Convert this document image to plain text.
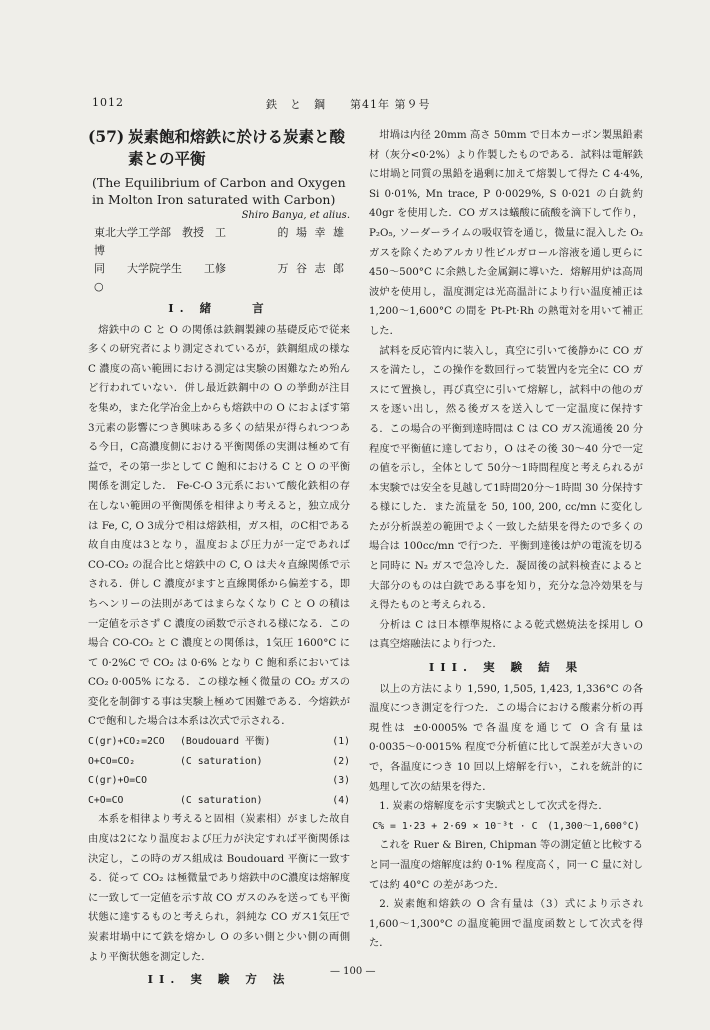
1012	鉄　と　鋼　　第41年 第９号
(57) 炭素飽和熔鉄に於ける炭素と酸素との平衡

(The Equilibrium of Carbon and Oxygen

in Molton Iron saturated with Carbon)

Shiro Banya, et alius.
東北大学工学部　教授　工博
的 場 幸 雄
同　　大学院学生　　工修○
万 谷 志 郎
I. 緒　　言

熔鉄中の C と O の関係は鉄鋼製錬の基礎反応で従来多くの研究者により測定されているが，鉄鋼組成の様な C 濃度の高い範囲における測定は実験の困難なため殆んど行われていない．併し最近鉄鋼中の O の挙動が注目を集め，また化学冶金上からも熔鉄中の O におよぼす第3元素の影響につき興味ある多くの結果が得られつつある今日，C高濃度側における平衡関係の実測は極めて有益で，その第一歩として C 飽和における C と O の平衡関係を測定した． Fe-C-O 3元系において酸化鉄相の存在しない範囲の平衡関係を相律より考えると，独立成分は Fe, C, O 3成分で相は熔鉄相，ガス相，のC相である故自由度は3となり，温度および圧力が一定であれば CO-CO₂ の混合比と熔鉄中の C, O は夫々直線関係で示される．併し C 濃度がますと直線関係から偏差する，即ちヘンリーの法則があてはまらなくなり C と O の積は一定値を示さず C 濃度の函数で示される様になる．この場合 CO-CO₂ と C 濃度との関係は，1気圧 1600°C にて 0·2%C で CO₂ は 0·6% となり C 飽和系においては CO₂ 0·005% になる．この様な極く微量の CO₂ ガスの変化を制御する事は実験上極めて困難である．今熔鉄がCで飽和した場合は本系は次式で示される．

C(gr)+CO₂=2CO	(Boudouard 平衡)	(1)
O+CO=CO₂	(C saturation)	(2)
C(gr)+O=CO	(3)
C+O=CO	(C saturation)	(4)

本系を相律より考えると固相（炭素相）がました故自由度は2になり温度および圧力が決定すれば平衡関係は決定し，この時のガス組成は Boudouard 平衡に一致する．従って CO₂ は極微量であり熔鉄中のC濃度は熔解度に一致して一定値を示す故 CO ガスのみを送っても平衡状態に達するものと考えられ，斜純な CO ガス1気圧で炭素坩堝中にて鉄を熔かし O の多い側と少い側の両側より平衡状態を測定した．

II. 実 験 方 法

坩堝は内径 20mm 高さ 50mm で日本カーボン製黒鉛素材（灰分<0·2%）より作製したものである．試料は電解鉄に坩堝と同質の黒鉛を過剰に加えて熔製して得た C 4·4%, Si 0·01%, Mn trace, P 0·0029%, S 0·021 の白銑約 40gr を使用した．CO ガスは蟻酸に硫酸を滴下して作り，P₂O₅, ソーダーライムの吸収管を通じ，微量に混入した O₂ ガスを除くためアルカリ性ピルガロール溶液を通し更らに 450〜500°C に余熱した金属銅に導いた．熔解用炉は高周波炉を使用し，温度測定は光高温計により行い温度補正は 1,200〜1,600°C の間を Pt-Pt·Rh の熱電対を用いて補正した．

試料を反応管内に装入し，真空に引いて後静かに CO ガスを満たし，この操作を数回行って装置内を完全に CO ガスにて置換し，再び真空に引いて熔解し，試料中の他のガスを逐い出し，然る後ガスを送入して一定温度に保持する．この場合の平衡到達時間は C は CO ガス流通後 20 分程度で平衡値に達しており，O はその後 30〜40 分で一定の値を示し，全体として 50分〜1時間程度と考えられるが本実験では安全を見越して1時間20分〜1時間 30 分保持する様にした．また流量を 50, 100, 200, cc/mn に変化したが分析誤差の範囲でよく一致した結果を得たので多くの場合は 100cc/mn で行つた．平衡到達後は炉の電流を切ると同時に N₂ ガスで急冷した．凝固後の試料検査によると大部分のものは白銑である事を知り，充分な急冷効果を与え得たものと考えられる．

分析は C は日本標準規格による乾式燃焼法を採用し O は真空熔融法により行つた．

III. 実 験 結 果

以上の方法により 1,590, 1,505, 1,423, 1,336°C の各温度につき測定を行つた．この場合における酸素分析の再現性は ±0·0005% で各温度を通じて O 含有量は 0·0035〜0·0015% 程度で分析値に比して誤差が大きいので，各温度につき 10 回以上熔解を行い，これを統計的に処理して次の結果を得た．

1. 炭素の熔解度を示す実験式として次式を得た．

C% = 1·23 + 2·69 × 10⁻³t · C　(1,300〜1,600°C)

これを Ruer & Biren, Chipman 等の測定値と比較すると同一温度の熔解度は約 0·1% 程度高く，同一 C 量に対しては約 40°C の差があつた．

2. 炭素飽和熔鉄の O 含有量は（3）式により示され 1,600〜1,300°C の温度範囲で温度函数として次式を得た．

— 100 —
